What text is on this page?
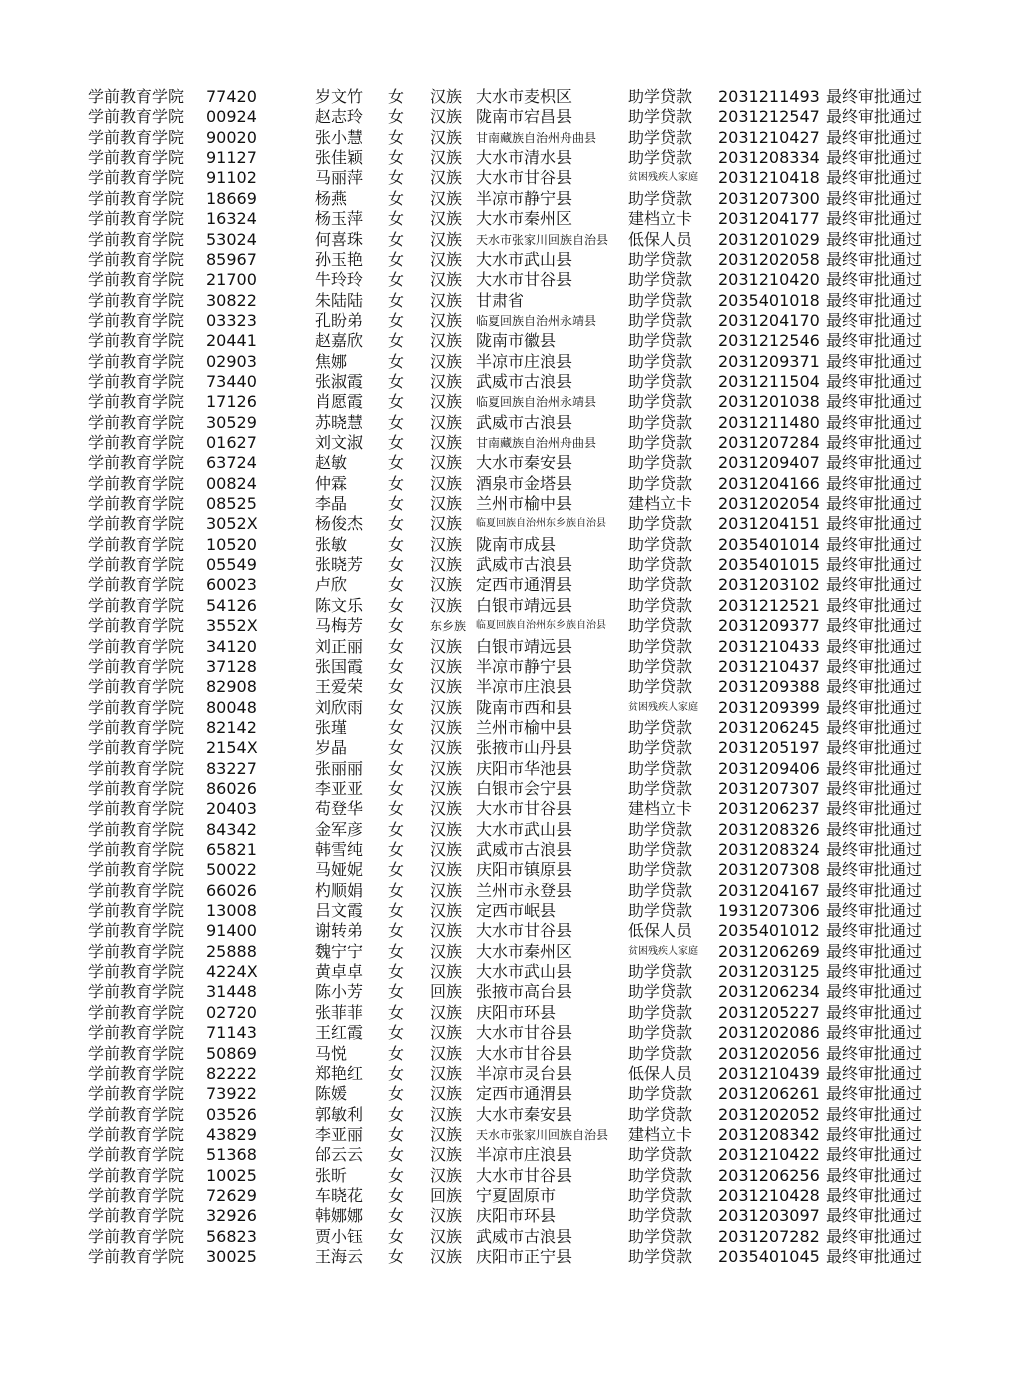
学前教育学院 77420	岁文竹 女 汉族 大水市麦枳区	助学贷款 2031211493 最终审批通过
学前教育学院 00924	赵志玲 女 汉族 陇南市宕昌县	助学贷款 2031212547 最终审批通过
学前教育学院 90020	张小慧 女 汉族 甘南藏族自治州舟曲县 助学贷款 2031210427 最终审批通过
学前教育学院 91127	张佳颖 女 汉族 大水市清水县	助学贷款 2031208334 最终审批通过
学前教育学院 91102	马丽萍 女 汉族 大水市甘谷县	贫困残疾人家庭 2031210418 最终审批通过
学前教育学院 18669	杨燕	女 汉族 半凉市静宁县	助学贷款 2031207300 最终审批通过
学前教育学院 16324	杨玉萍 女 汉族 大水市秦州区	建档立卡 2031204177 最终审批通过
学前教育学院 53024	何喜珠 女 汉族 天水市张家川回族自治县 低保人员 2031201029 最终审批通过
学前教育学院 85967	孙玉艳 女 汉族 大水市武山县	助学贷款 2031202058 最终审批通过
学前教育学院 21700	牛玲玲 女 汉族 大水市甘谷县	助学贷款 2031210420 最终审批通过
学前教育学院 30822	朱陆陆 女 汉族 甘肃省	助学贷款 2035401018 最终审批通过
学前教育学院 03323	孔盼弟 女 汉族 临夏回族自治州永靖县 助学贷款 2031204170 最终审批通过
学前教育学院 20441	赵嘉欣 女 汉族 陇南市徽县	助学贷款 2031212546 最终审批通过
学前教育学院 02903	焦娜	女 汉族 半凉市庄浪县	助学贷款 2031209371 最终审批通过
学前教育学院 73440	张淑霞 女 汉族 武威市古浪县	助学贷款 2031211504 最终审批通过
学前教育学院 17126	肖愿霞 女 汉族 临夏回族自治州永靖县 助学贷款 2031201038 最终审批通过
学前教育学院 30529	苏晓慧 女 汉族 武威市古浪县	助学贷款 2031211480 最终审批通过
学前教育学院 01627	刘文淑 女 汉族 甘南藏族自治州舟曲县 助学贷款 2031207284 最终审批通过
学前教育学院 63724	赵敏	女 汉族 大水市秦安县	助学贷款 2031209407 最终审批通过
学前教育学院 00824	仲霖	女 汉族 酒泉市金塔县	助学贷款 2031204166 最终审批通过
学前教育学院 08525	李晶	女 汉族 兰州市榆中县	建档立卡 2031202054 最终审批通过
学前教育学院 3052X	杨俊杰 女 汉族 临夏回族自治州东乡族自治县 助学贷款 2031204151 最终审批通过
学前教育学院 10520	张敏	女 汉族 陇南市成县	助学贷款 2035401014 最终审批通过
学前教育学院 05549	张晓芳 女 汉族 武威市古浪县	助学贷款 2035401015 最终审批通过
学前教育学院 60023	卢欣	女 汉族 定西市通渭县	助学贷款 2031203102 最终审批通过
学前教育学院 54126	陈文乐 女 汉族 白银市靖远县	助学贷款 2031212521 最终审批通过
学前教育学院 3552X	马梅芳 女 东乡族 临夏回族自治州东乡族自治县 助学贷款 2031209377 最终审批通过
学前教育学院 34120	刘正丽 女 汉族 白银市靖远县	助学贷款 2031210433 最终审批通过
学前教育学院 37128	张国霞 女 汉族 半凉市静宁县	助学贷款 2031210437 最终审批通过
学前教育学院 82908	王爱荣 女 汉族 半凉市庄浪县	助学贷款 2031209388 最终审批通过
学前教育学院 80048	刘欣雨 女 汉族 陇南市西和县	贫困残疾人家庭 2031209399 最终审批通过
学前教育学院 82142	张瑾	女 汉族 兰州市榆中县	助学贷款 2031206245 最终审批通过
学前教育学院 2154X	岁晶	女 汉族 张掖市山丹县	助学贷款 2031205197 最终审批通过
学前教育学院 83227	张丽丽 女 汉族 庆阳市华池县	助学贷款 2031209406 最终审批通过
学前教育学院 86026	李亚亚 女 汉族 白银市会宁县	助学贷款 2031207307 最终审批通过
学前教育学院 20403	苟登华 女 汉族 大水市甘谷县	建档立卡 2031206237 最终审批通过
学前教育学院 84342	金军彦 女 汉族 大水市武山县	助学贷款 2031208326 最终审批通过
学前教育学院 65821	韩雪纯 女 汉族 武威市古浪县	助学贷款 2031208324 最终审批通过
学前教育学院 50022	马娅妮 女 汉族 庆阳市镇原县	助学贷款 2031207308 最终审批通过
学前教育学院 66026	杓顺娟 女 汉族 兰州市永登县	助学贷款 2031204167 最终审批通过
学前教育学院 13008	吕文霞 女 汉族 定西市岷县	助学贷款 1931207306 最终审批通过
学前教育学院 91400	谢转弟 女 汉族 大水市甘谷县	低保人员 2035401012 最终审批通过
学前教育学院 25888	魏宁宁 女 汉族 大水市秦州区	贫困残疾人家庭 2031206269 最终审批通过
学前教育学院 4224X	黄卓卓 女 汉族 大水市武山县	助学贷款 2031203125 最终审批通过
学前教育学院 31448	陈小芳 女 回族 张掖市高台县	助学贷款 2031206234 最终审批通过
学前教育学院 02720	张菲菲 女 汉族 庆阳市环县	助学贷款 2031205227 最终审批通过
学前教育学院 71143	王红霞 女 汉族 大水市甘谷县	助学贷款 2031202086 最终审批通过
学前教育学院 50869	马悦	女 汉族 大水市甘谷县	助学贷款 2031202056 最终审批通过
学前教育学院 82222	郑艳红 女 汉族 半凉市灵台县	低保人员 2031210439 最终审批通过
学前教育学院 73922	陈媛	女 汉族 定西市通渭县	助学贷款 2031206261 最终审批通过
学前教育学院 03526	郭敏利 女 汉族 大水市秦安县	助学贷款 2031202052 最终审批通过
学前教育学院 43829	李亚丽 女 汉族 天水市张家川回族自治县 建档立卡 2031208342 最终审批通过
学前教育学院 51368	邰云云 女 汉族 半凉市庄浪县	助学贷款 2031210422 最终审批通过
学前教育学院 10025	张昕	女 汉族 大水市甘谷县	助学贷款 2031206256 最终审批通过
学前教育学院 72629	车晓花 女 回族 宁夏固原市	助学贷款 2031210428 最终审批通过
学前教育学院 32926	韩娜娜 女 汉族 庆阳市环县	助学贷款 2031203097 最终审批通过
学前教育学院 56823	贾小钰 女 汉族 武威市古浪县	助学贷款 2031207282 最终审批通过
学前教育学院 30025	王海云 女 汉族 庆阳市正宁县	助学贷款 2035401045 最终审批通过
